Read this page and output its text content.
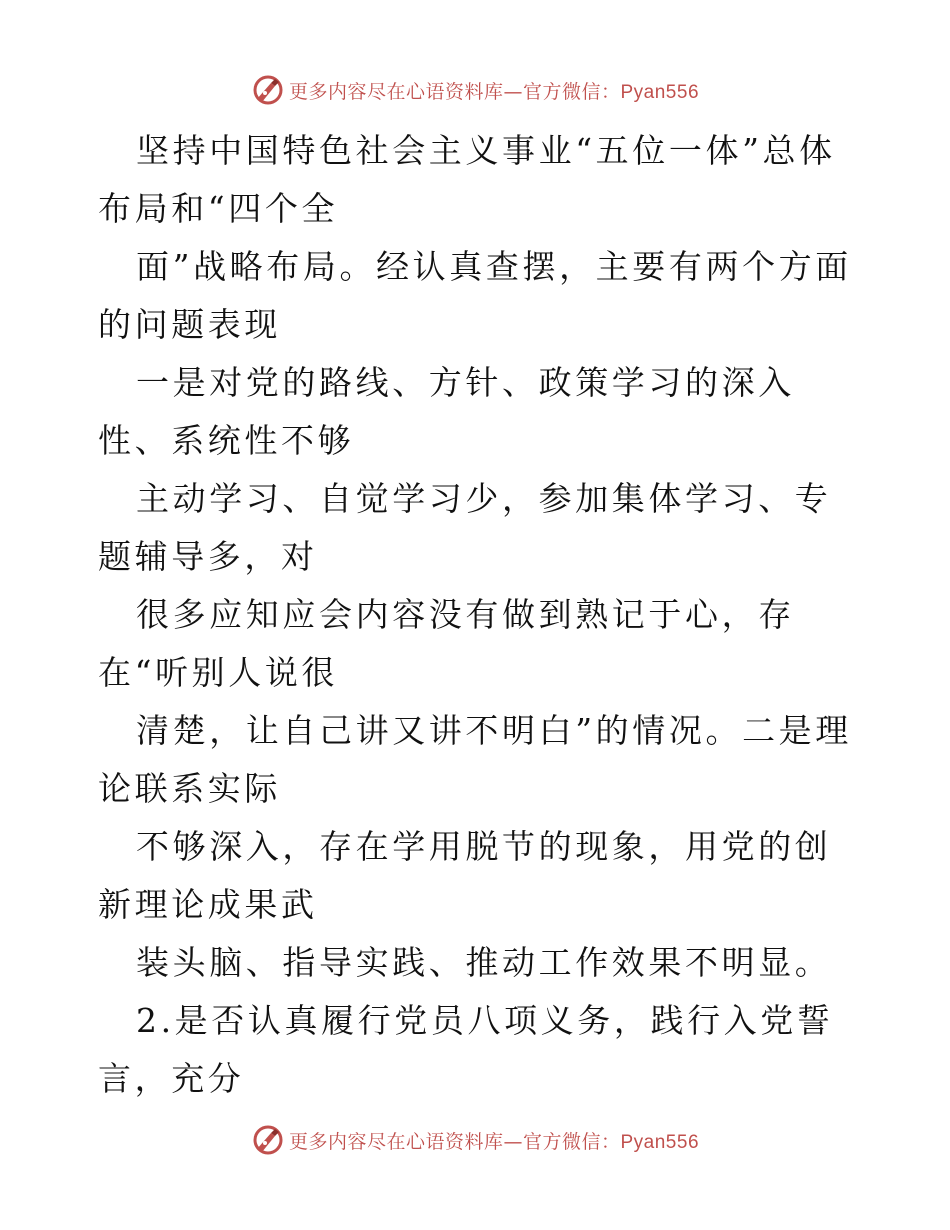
更多内容尽在心语资料库—官方微信：Pyan556

坚持中国特色社会主义事业“五位一体”总体布局和“四个全

面”战略布局。经认真查摆，主要有两个方面的问题表现

一是对党的路线、方针、政策学习的深入性、系统性不够

主动学习、自觉学习少，参加集体学习、专题辅导多，对

很多应知应会内容没有做到熟记于心，存在“听别人说很

清楚，让自己讲又讲不明白”的情况。二是理论联系实际

不够深入，存在学用脱节的现象，用党的创新理论成果武

装头脑、指导实践、推动工作效果不明显。

2.是否认真履行党员八项义务，践行入党誓言，充分

更多内容尽在心语资料库—官方微信：Pyan556
